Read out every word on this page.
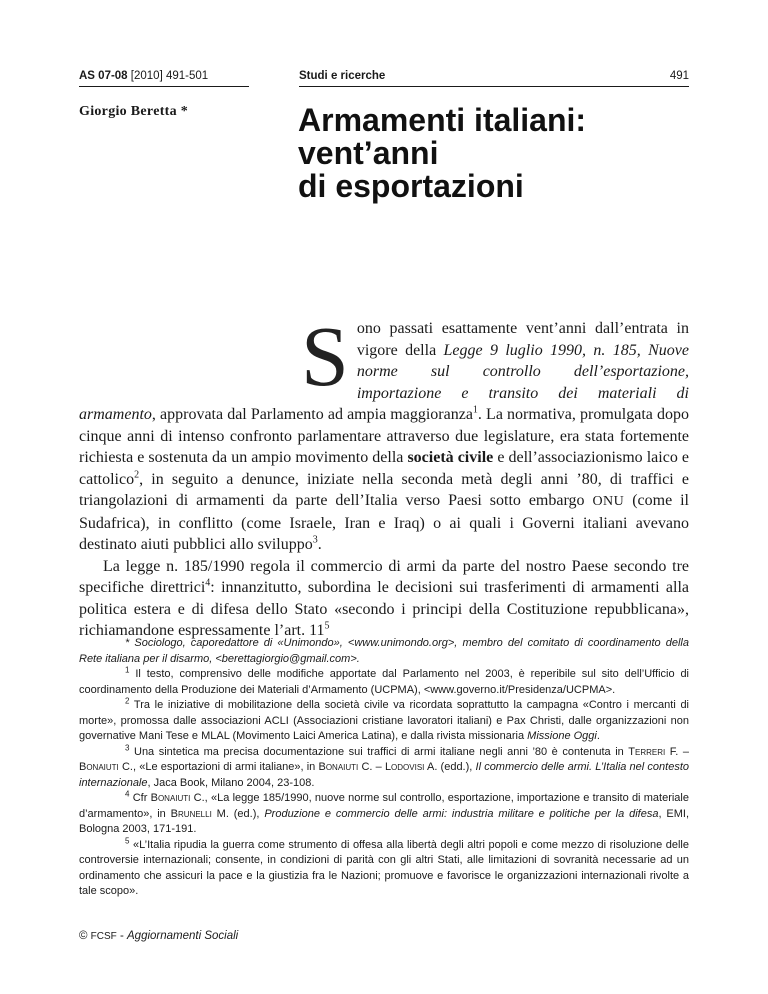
AS 07-08 [2010] 491-501	Studi e ricerche	491
Giorgio Beretta *	Armamenti italiani:
vent’anni
di esportazioni

Sono passati esattamente vent’anni dall’entrata in vigore della Legge 9 luglio 1990, n. 185, Nuove norme sul controllo dell’esportazione, importazione e transito dei materiali di armamento, approvata dal Parlamento ad ampia maggioranza$^1$. La normativa, promulgata dopo cinque anni di intenso confronto parlamentare attraverso due legislature, era stata fortemente richiesta e sostenuta da un ampio movimento della società civile e dell’associazionismo laico e cattolico$^2$, in seguito a denunce, iniziate nella seconda metà degli anni ’80, di traffici e triangolazioni di armamenti da parte dell’Italia verso Paesi sotto embargo ONU (come il Sudafrica), in conflitto (come Israele, Iran e Iraq) o ai quali i Governi italiani avevano destinato aiuti pubblici allo sviluppo$^3$.

La legge n. 185/1990 regola il commercio di armi da parte del nostro Paese secondo tre specifiche direttrici$^4$: innanzitutto, subordina le decisioni sui trasferimenti di armamenti alla politica estera e di difesa dello Stato «secondo i principi della Costituzione repubblicana», richiamandone espressamente l’art. $11^5$

* Sociologo, caporedattore di «Unimondo», <www.unimondo.org>, membro del comitato di coordinamento della Rete italiana per il disarmo, <berettagiorgio@gmail.com>.

$^1$ Il testo, comprensivo delle modifiche apportate dal Parlamento nel 2003, è reperibile sul sito dell’Ufficio di coordinamento della Produzione dei Materiali d’Armamento (UCPMA), <www.governo.it/Presidenza/UCPMA>.

$^2$ Tra le iniziative di mobilitazione della società civile va ricordata soprattutto la campagna «Contro i mercanti di morte», promossa dalle associazioni ACLI (Associazioni cristiane lavoratori italiani) e Pax Christi, dalle organizzazioni non governative Mani Tese e MLAL (Movimento Laici America Latina), e dalla rivista missionaria Missione Oggi.

$^3$ Una sintetica ma precisa documentazione sui traffici di armi italiane negli anni ’80 è contenuta in Terreri F. – Bonaiuti C., «Le esportazioni di armi italiane», in Bonaiuti C. – Lodovisi A. (edd.), Il commercio delle armi. L’Italia nel contesto internazionale, Jaca Book, Milano 2004, 23-108.

$^4$ Cfr Bonaiuti C., «La legge 185/1990, nuove norme sul controllo, esportazione, importazione e transito di materiale d’armamento», in Brunelli M. (ed.), Produzione e commercio delle armi: industria militare e politiche per la difesa, EMI, Bologna 2003, 171-191.

$^5$ «L’Italia ripudia la guerra come strumento di offesa alla libertà degli altri popoli e come mezzo di risoluzione delle controversie internazionali; consente, in condizioni di parità con gli altri Stati, alle limitazioni di sovranità necessarie ad un ordinamento che assicuri la pace e la giustizia fra le Nazioni; promuove e favorisce le organizzazioni internazionali rivolte a tale scopo».

© FCSF - Aggiornamenti Sociali
